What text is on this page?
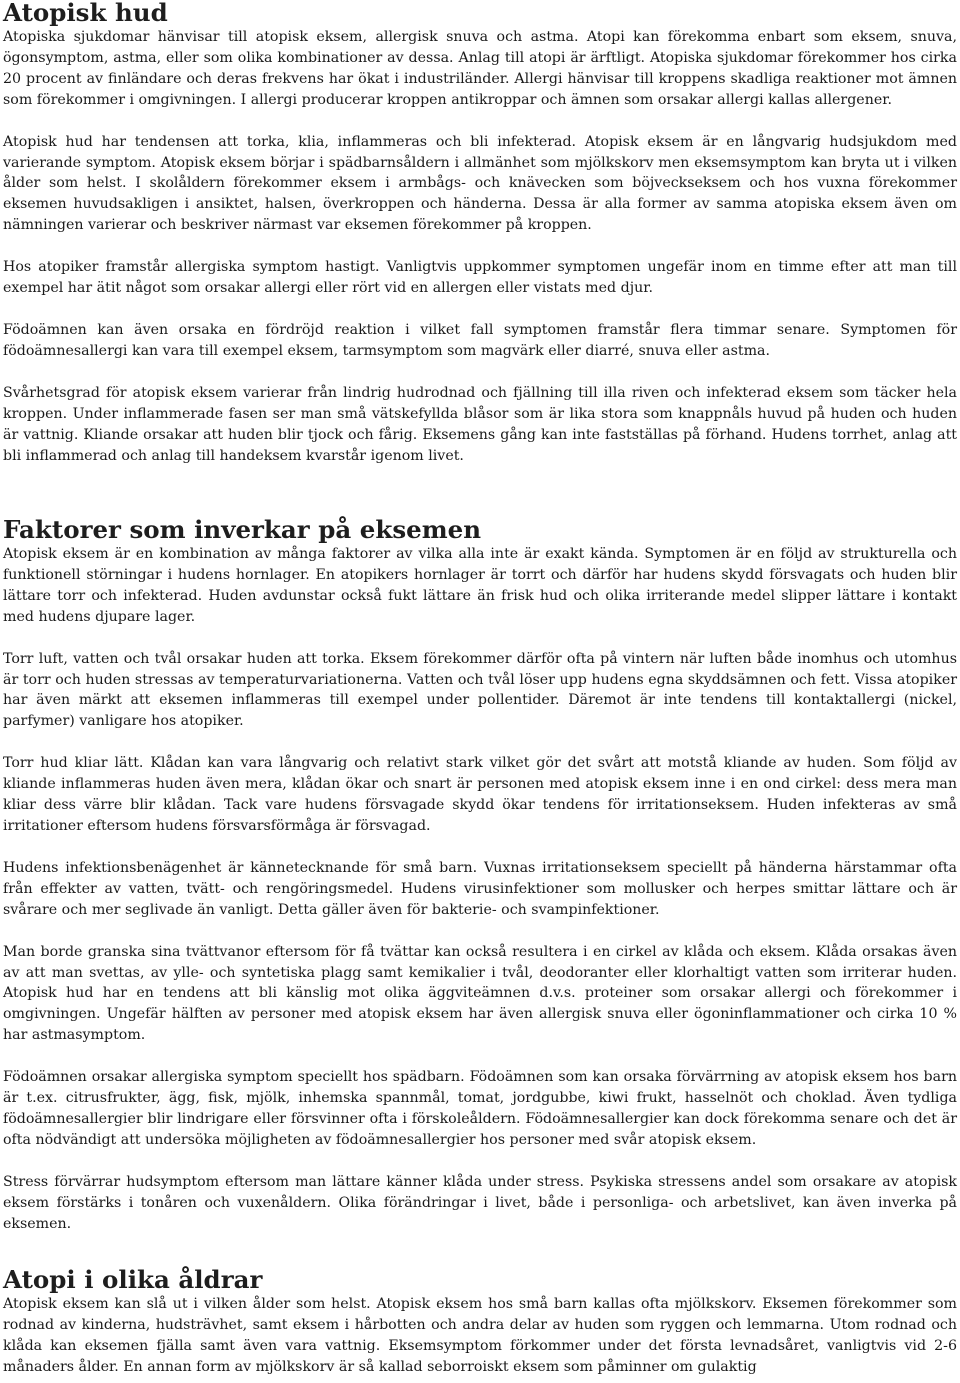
Atopisk hud

Atopiska sjukdomar hänvisar till atopisk eksem, allergisk snuva och astma. Atopi kan förekomma enbart som eksem, snuva, ögonsymptom, astma, eller som olika kombinationer av dessa. Anlag till atopi är ärftligt. Atopiska sjukdomar förekommer hos cirka 20 procent av finländare och deras frekvens har ökat i industriländer. Allergi hänvisar till kroppens skadliga reaktioner mot ämnen som förekommer i omgivningen. I allergi producerar kroppen antikroppar och ämnen som orsakar allergi kallas allergener.

Atopisk hud har tendensen att torka, klia, inflammeras och bli infekterad. Atopisk eksem är en långvarig hudsjukdom med varierande symptom. Atopisk eksem börjar i spädbarnsåldern i allmänhet som mjölkskorv men eksemsymptom kan bryta ut i vilken ålder som helst. I skolåldern förekommer eksem i armbågs- och knävecken som böjveckseksem och hos vuxna förekommer eksemen huvudsakligen i ansiktet, halsen, överkroppen och händerna. Dessa är alla former av samma atopiska eksem även om nämningen varierar och beskriver närmast var eksemen förekommer på kroppen.

Hos atopiker framstår allergiska symptom hastigt. Vanligtvis uppkommer symptomen ungefär inom en timme efter att man till exempel har ätit något som orsakar allergi eller rört vid en allergen eller vistats med djur.

Födoämnen kan även orsaka en fördröjd reaktion i vilket fall symptomen framstår flera timmar senare. Symptomen för födoämnesallergi kan vara till exempel eksem, tarmsymptom som magvärk eller diarré, snuva eller astma.

Svårhetsgrad för atopisk eksem varierar från lindrig hudrodnad och fjällning till illa riven och infekterad eksem som täcker hela kroppen. Under inflammerade fasen ser man små vätskefyllda blåsor som är lika stora som knappnåls huvud på huden och huden är vattnig. Kliande orsakar att huden blir tjock och fårig. Eksemens gång kan inte fastställas på förhand. Hudens torrhet, anlag att bli inflammerad och anlag till handeksem kvarstår igenom livet.

Faktorer som inverkar på eksemen

Atopisk eksem är en kombination av många faktorer av vilka alla inte är exakt kända. Symptomen är en följd av strukturella och funktionell störningar i hudens hornlager. En atopikers hornlager är torrt och därför har hudens skydd försvagats och huden blir lättare torr och infekterad. Huden avdunstar också fukt lättare än frisk hud och olika irriterande medel slipper lättare i kontakt med hudens djupare lager.

Torr luft, vatten och tvål orsakar huden att torka. Eksem förekommer därför ofta på vintern när luften både inomhus och utomhus är torr och huden stressas av temperaturvariationerna. Vatten och tvål löser upp hudens egna skyddsämnen och fett. Vissa atopiker har även märkt att eksemen inflammeras till exempel under pollentider. Däremot är inte tendens till kontaktallergi (nickel, parfymer) vanligare hos atopiker.

Torr hud kliar lätt. Klådan kan vara långvarig och relativt stark vilket gör det svårt att motstå kliande av huden. Som följd av kliande inflammeras huden även mera, klådan ökar och snart är personen med atopisk eksem inne i en ond cirkel: dess mera man kliar dess värre blir klådan. Tack vare hudens försvagade skydd ökar tendens för irritationseksem. Huden infekteras av små irritationer eftersom hudens försvarsförmåga är försvagad.

Hudens infektionsbenägenhet är kännetecknande för små barn. Vuxnas irritationseksem speciellt på händerna härstammar ofta från effekter av vatten, tvätt- och rengöringsmedel. Hudens virusinfektioner som mollusker och herpes smittar lättare och är svårare och mer seglivade än vanligt. Detta gäller även för bakterie- och svampinfektioner.

Man borde granska sina tvättvanor eftersom för få tvättar kan också resultera i en cirkel av klåda och eksem. Klåda orsakas även av att man svettas, av ylle- och syntetiska plagg samt kemikalier i tvål, deodoranter eller klorhaltigt vatten som irriterar huden. Atopisk hud har en tendens att bli känslig mot olika äggviteämnen d.v.s. proteiner som orsakar allergi och förekommer i omgivningen. Ungefär hälften av personer med atopisk eksem har även allergisk snuva eller ögoninflammationer och cirka 10 % har astmasymptom.

Födoämnen orsakar allergiska symptom speciellt hos spädbarn. Födoämnen som kan orsaka förvärrning av atopisk eksem hos barn är t.ex. citrusfrukter, ägg, fisk, mjölk, inhemska spannmål, tomat, jordgubbe, kiwi frukt, hasselnöt och choklad. Även tydliga födoämnesallergier blir lindrigare eller försvinner ofta i förskoleåldern. Födoämnesallergier kan dock förekomma senare och det är ofta nödvändigt att undersöka möjligheten av födoämnesallergier hos personer med svår atopisk eksem.

Stress förvärrar hudsymptom eftersom man lättare känner klåda under stress. Psykiska stressens andel som orsakare av atopisk eksem förstärks i tonåren och vuxenåldern. Olika förändringar i livet, både i personliga- och arbetslivet, kan även inverka på eksemen.

Atopi i olika åldrar

Atopisk eksem kan slå ut i vilken ålder som helst. Atopisk eksem hos små barn kallas ofta mjölkskorv. Eksemen förekommer som rodnad av kinderna, hudsträvhet, samt eksem i hårbotten och andra delar av huden som ryggen och lemmarna. Utom rodnad och klåda kan eksemen fjälla samt även vara vattnig. Eksemsymptom förkommer under det första levnadsåret, vanligtvis vid 2-6 månaders ålder. En annan form av mjölkskorv är så kallad seborroiskt eksem som påminner om gulaktig
